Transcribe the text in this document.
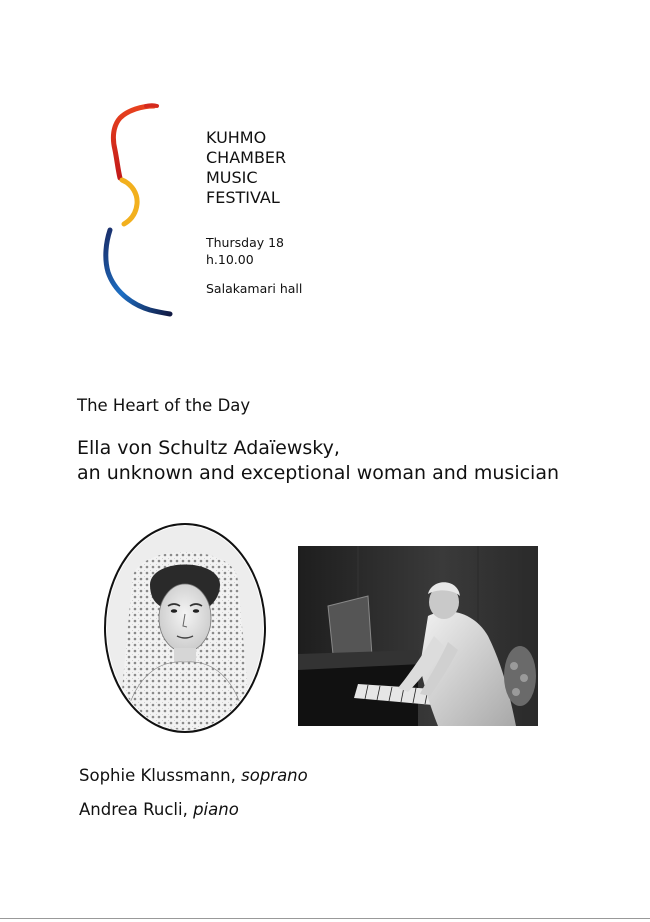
KUHMO
CHAMBER
MUSIC
FESTIVAL
Thursday 18
h.10.00
Salakamari hall
The Heart of the Day
Ella von Schultz Adaïewsky,
an unknown and exceptional woman and musician
Sophie Klussmann, soprano
Andrea Rucli, piano
